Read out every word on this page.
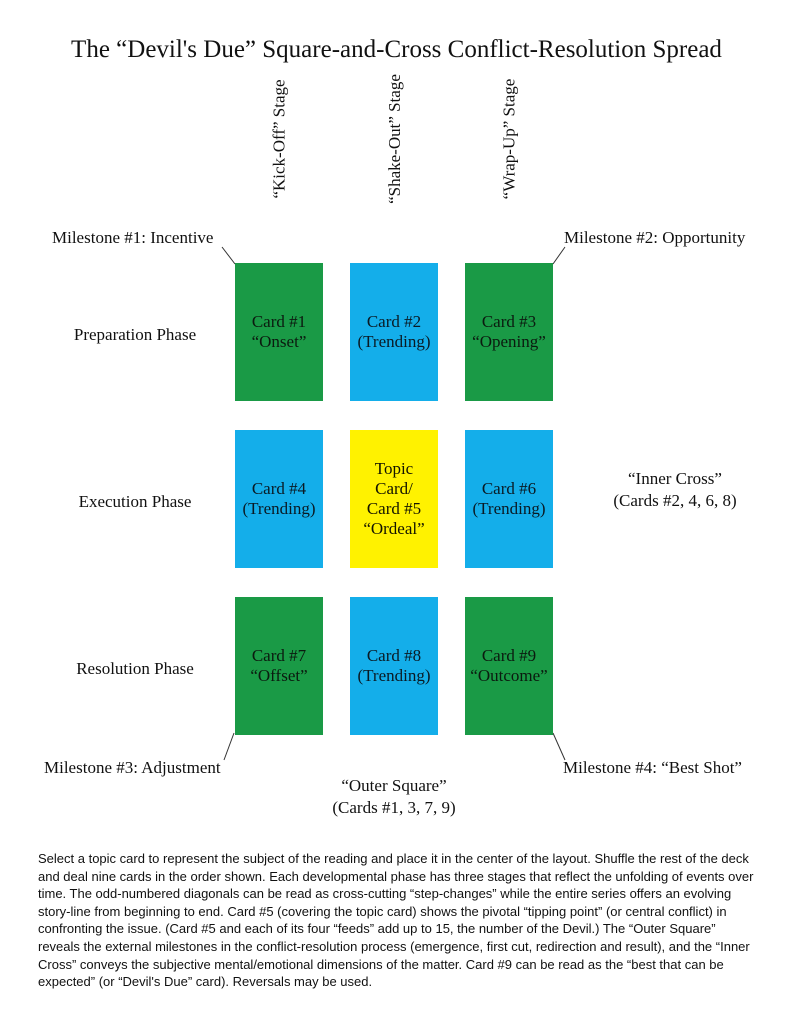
The “Devil's Due” Square-and-Cross Conflict-Resolution Spread
“Kick-Off” Stage	“Shake-Out” Stage	“Wrap-Up” Stage
Milestone #1: Incentive	Milestone #2: Opportunity
Milestone #3: Adjustment	Milestone #4: “Best Shot”
Preparation Phase
Execution Phase
Resolution Phase
Card #1
“Onset”
Card #2
(Trending)
Card #3
“Opening”
Card #4
(Trending)
Topic
Card/
Card #5
“Ordeal”
Card #6
(Trending)
Card #7
“Offset”
Card #8
(Trending)
Card #9
“Outcome”
“Inner Cross”
(Cards #2, 4, 6, 8)
“Outer Square”
(Cards #1, 3, 7, 9)
Select a topic card to represent the subject of the reading and place it in the center of the layout. Shuffle the rest of the deck and deal nine cards in the order shown. Each developmental phase has three stages that reflect the unfolding of events over time. The odd-numbered diagonals can be read as cross-cutting “step-changes” while the entire series offers an evolving story-line from beginning to end. Card #5 (covering the topic card) shows the pivotal “tipping point” (or central conflict) in confronting the issue. (Card #5 and each of its four “feeds” add up to 15, the number of the Devil.) The “Outer Square” reveals the external milestones in the conflict-resolution process (emergence, first cut, redirection and result), and the “Inner Cross” conveys the subjective mental/emotional dimensions of the matter. Card #9 can be read as the “best that can be expected” (or “Devil's Due” card). Reversals may be used.
